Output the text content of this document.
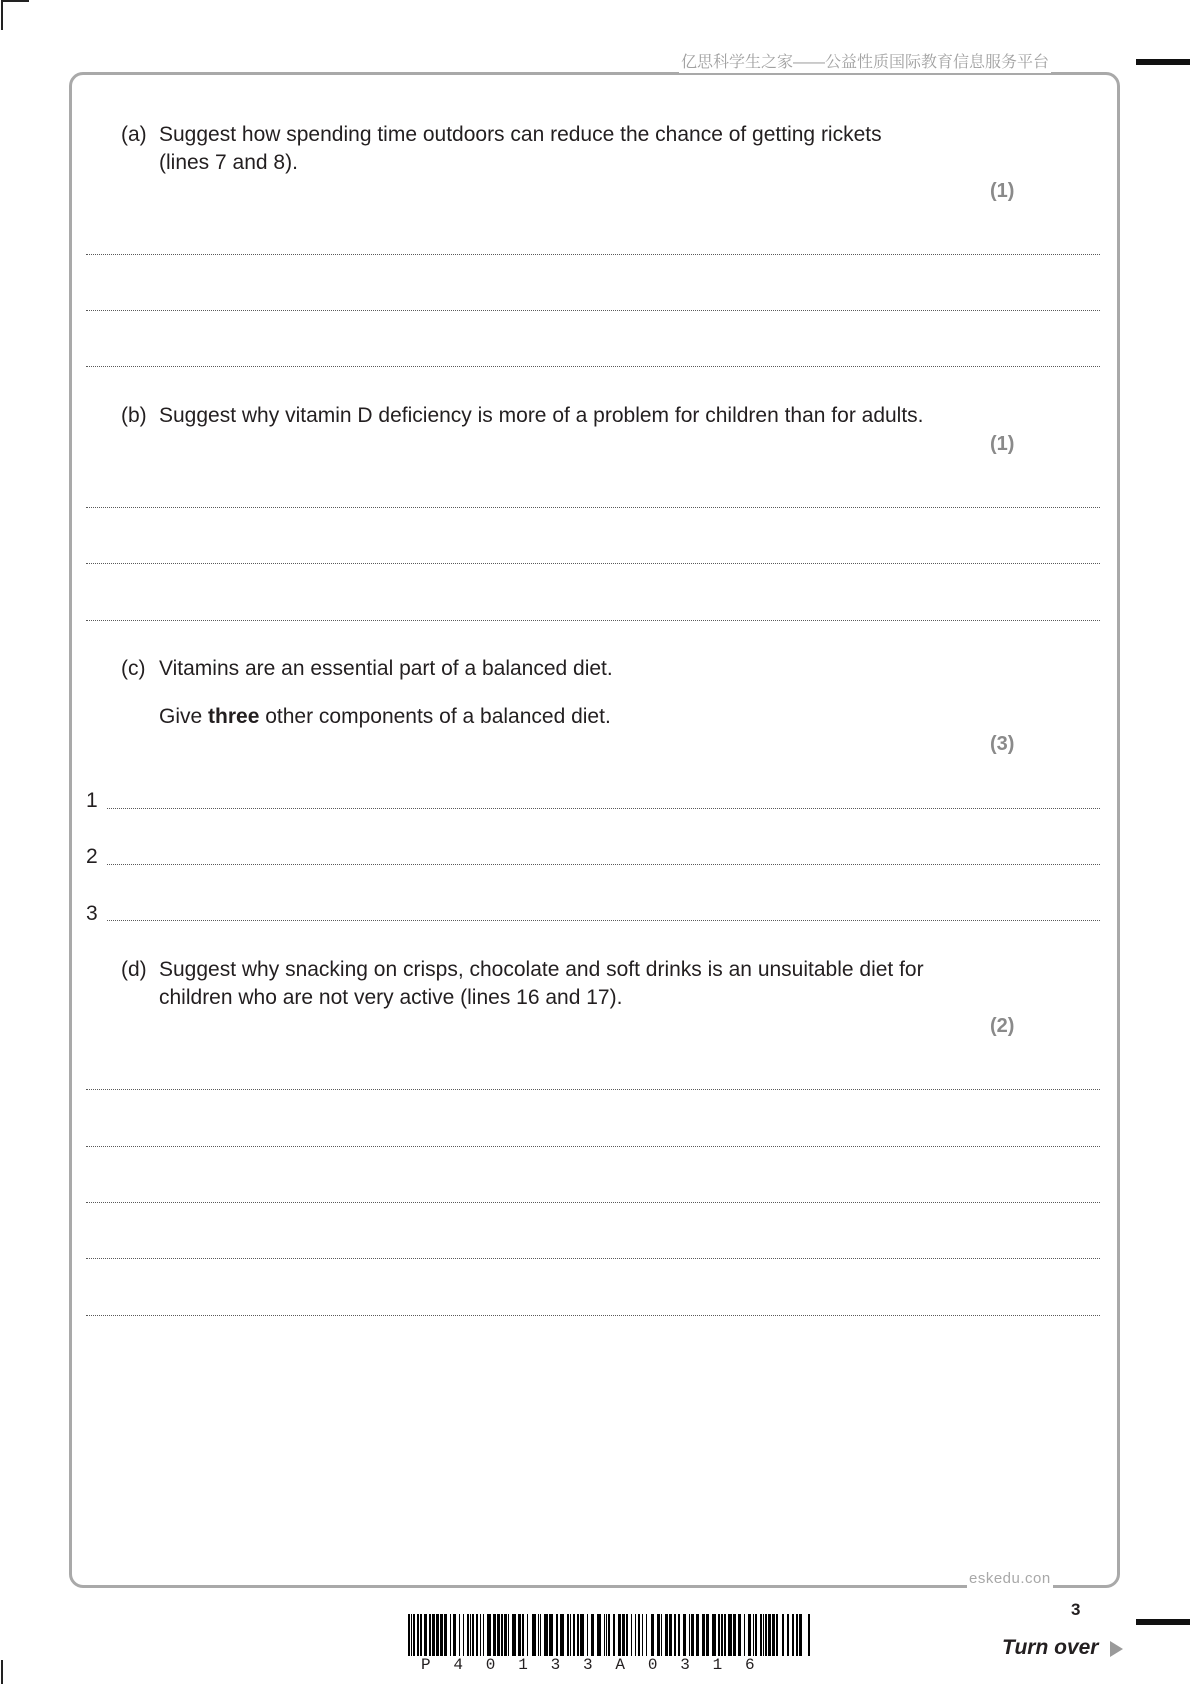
亿思科学生之家——公益性质国际教育信息服务平台
(a) Suggest how spending time outdoors can reduce the chance of getting rickets
(lines 7 and 8).
(1)
(b) Suggest why vitamin D deficiency is more of a problem for children than for adults.
(1)
(c) Vitamins are an essential part of a balanced diet.
Give three other components of a balanced diet.
(3)
1
2
3
(d) Suggest why snacking on crisps, chocolate and soft drinks is an unsuitable diet for
children who are not very active (lines 16 and 17).
(2)
eskedu.con
3
P 4 0 1 3 3 A 0 3 1 6
Turn over
